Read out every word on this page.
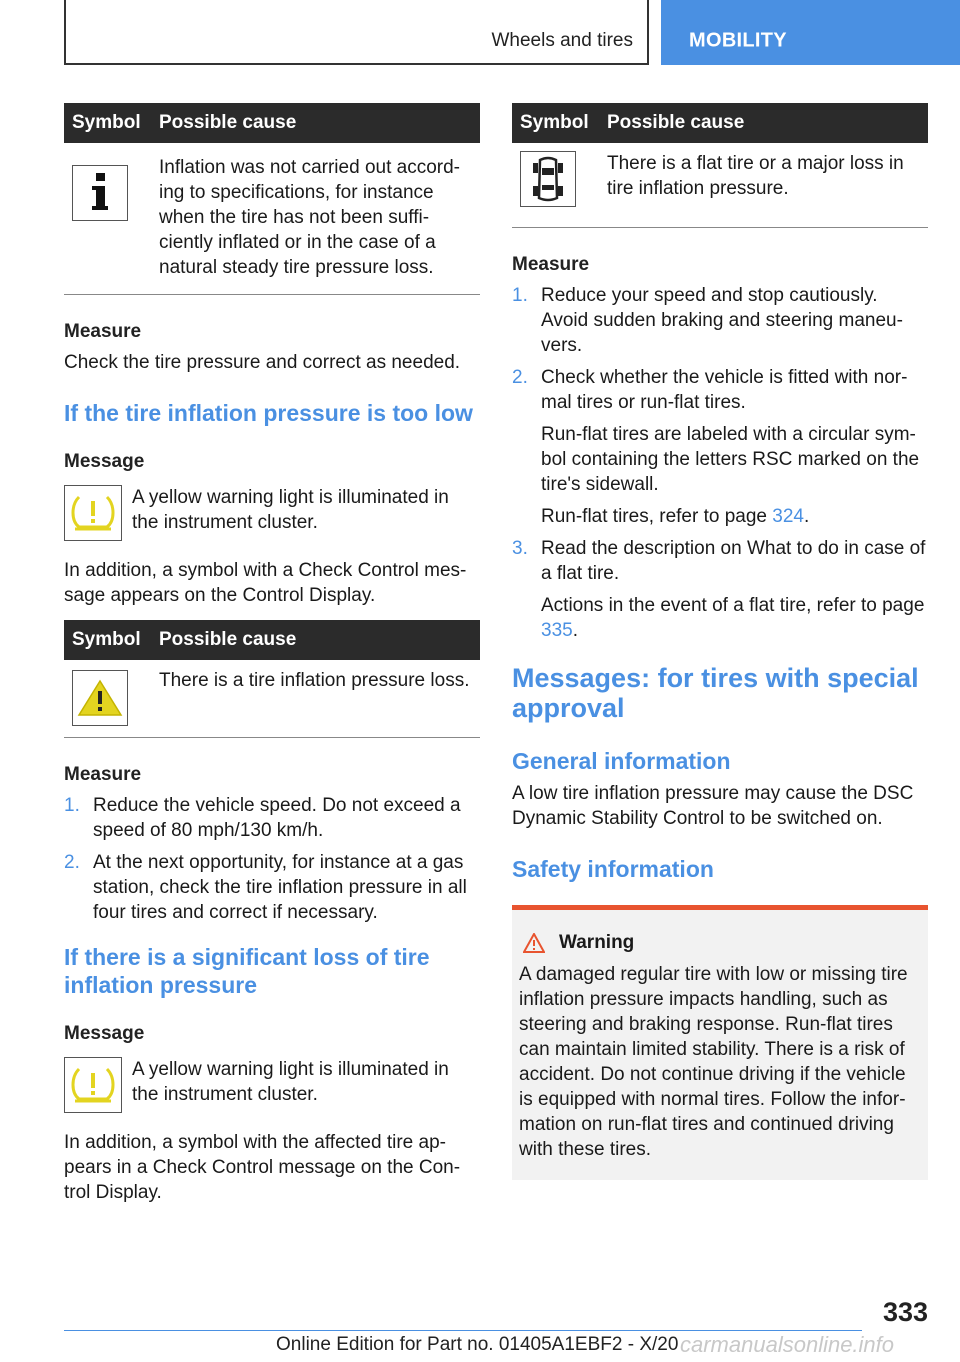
Wheels and tires	MOBILITY
Symbol	Possible cause

	Inflation was not carried out according to specifications, for instance when the tire has not been sufficiently inflated or in the case of a natural steady tire pressure loss.
Measure
Check the tire pressure and correct as needed.
If the tire inflation pressure is too low
Message
A yellow warning light is illuminated in the instrument cluster.
In addition, a symbol with a Check Control message appears on the Control Display.
Symbol	Possible cause

	There is a tire inflation pressure loss.
Measure
1. Reduce the vehicle speed. Do not exceed a speed of 80 mph/130 km/h.
2. At the next opportunity, for instance at a gas station, check the tire inflation pressure in all four tires and correct if necessary.
If there is a significant loss of tire inflation pressure
Message
A yellow warning light is illuminated in the instrument cluster.
In addition, a symbol with the affected tire appears in a Check Control message on the Control Display.
Symbol	Possible cause

	There is a flat tire or a major loss in tire inflation pressure.
Measure
1. Reduce your speed and stop cautiously. Avoid sudden braking and steering maneuvers.
2. Check whether the vehicle is fitted with normal tires or run-flat tires.

Run-flat tires are labeled with a circular symbol containing the letters RSC marked on the tire's sidewall.

Run-flat tires, refer to page 324.

3. Read the description on What to do in case of a flat tire.

Actions in the event of a flat tire, refer to page 335.

Messages: for tires with special approval
General information
A low tire inflation pressure may cause the DSC Dynamic Stability Control to be switched on.
Safety information
Warning
A damaged regular tire with low or missing tire inflation pressure impacts handling, such as steering and braking response. Run-flat tires can maintain limited stability. There is a risk of accident. Do not continue driving if the vehicle is equipped with normal tires. Follow the information on run-flat tires and continued driving with these tires.
333
Online Edition for Part no. 01405A1EBF2 - X/20 carmanualsonline.info
